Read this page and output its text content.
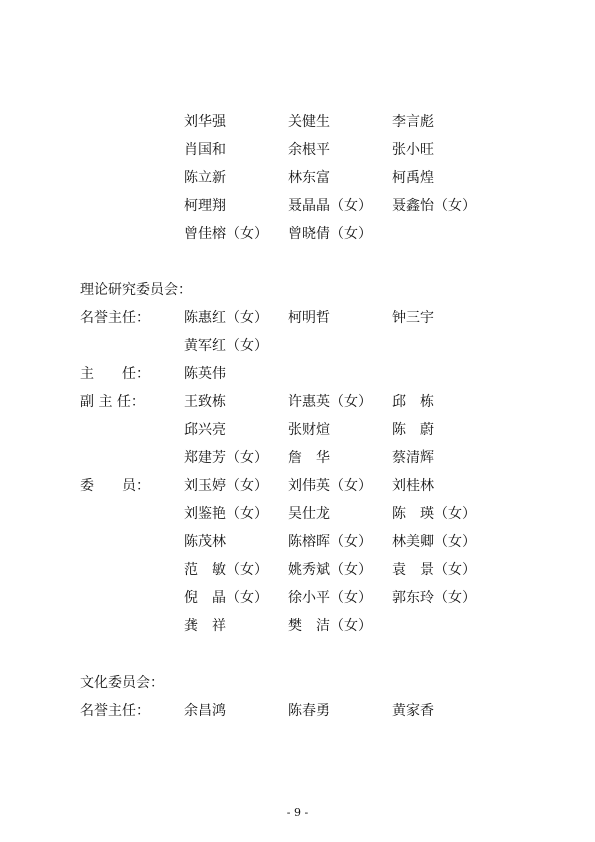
刘华强	关健生	李言彪
肖国和	余根平	张小旺
陈立新	林东富	柯禹煌
柯理翔	聂晶晶（女） 聂鑫怡（女）
曾佳榕（女） 曾晓倩（女）
理论研究委员会：
名誉主任： 陈惠红（女） 柯明哲	钟三宇
黄军红（女）
主　　任： 陈英伟
副 主 任：	王致栋	许惠英（女） 邱　栋
邱兴亮	张财煊	陈　蔚
郑建芳（女） 詹　华	蔡清辉
委　　员： 刘玉婷（女） 刘伟英（女） 刘桂林
刘鉴艳（女） 吴仕龙	陈　瑛（女）
陈茂林	陈榕晖（女） 林美卿（女）
范　敏（女） 姚秀斌（女） 袁　景（女）
倪　晶（女） 徐小平（女） 郭东玲（女）
龚　祥	樊　洁（女）
文化委员会：
名誉主任： 余昌鸿	陈春勇	黄家香
- 9 -
